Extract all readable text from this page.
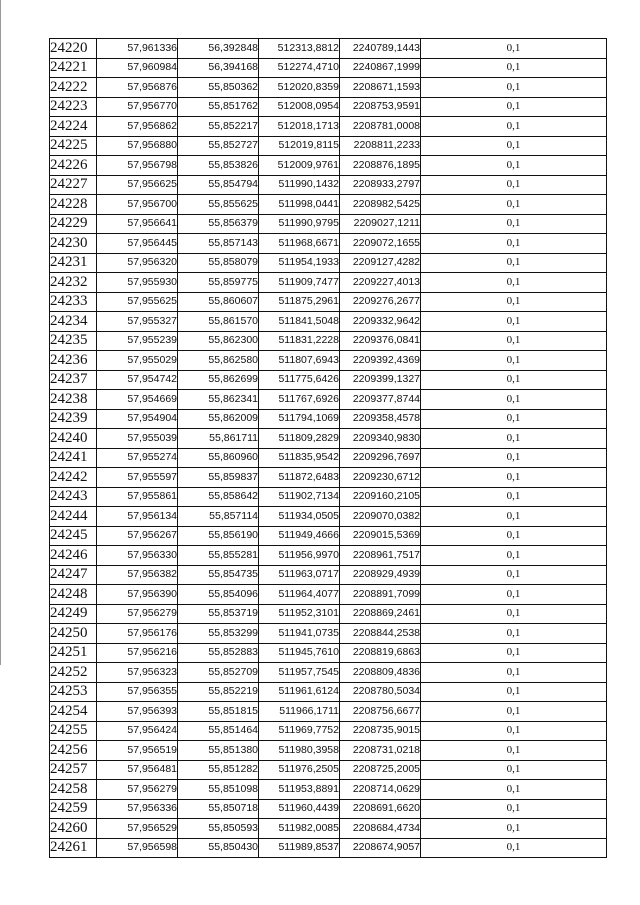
24220	57,961336	56,392848	512313,8812	2240789,1443	0,1
24221	57,960984	56,394168	512274,4710	2240867,1999	0,1
24222	57,956876	55,850362	512020,8359	2208671,1593	0,1
24223	57,956770	55,851762	512008,0954	2208753,9591	0,1
24224	57,956862	55,852217	512018,1713	2208781,0008	0,1
24225	57,956880	55,852727	512019,8115	2208811,2233	0,1
24226	57,956798	55,853826	512009,9761	2208876,1895	0,1
24227	57,956625	55,854794	511990,1432	2208933,2797	0,1
24228	57,956700	55,855625	511998,0441	2208982,5425	0,1
24229	57,956641	55,856379	511990,9795	2209027,1211	0,1
24230	57,956445	55,857143	511968,6671	2209072,1655	0,1
24231	57,956320	55,858079	511954,1933	2209127,4282	0,1
24232	57,955930	55,859775	511909,7477	2209227,4013	0,1
24233	57,955625	55,860607	511875,2961	2209276,2677	0,1
24234	57,955327	55,861570	511841,5048	2209332,9642	0,1
24235	57,955239	55,862300	511831,2228	2209376,0841	0,1
24236	57,955029	55,862580	511807,6943	2209392,4369	0,1
24237	57,954742	55,862699	511775,6426	2209399,1327	0,1
24238	57,954669	55,862341	511767,6926	2209377,8744	0,1
24239	57,954904	55,862009	511794,1069	2209358,4578	0,1
24240	57,955039	55,861711	511809,2829	2209340,9830	0,1
24241	57,955274	55,860960	511835,9542	2209296,7697	0,1
24242	57,955597	55,859837	511872,6483	2209230,6712	0,1
24243	57,955861	55,858642	511902,7134	2209160,2105	0,1
24244	57,956134	55,857114	511934,0505	2209070,0382	0,1
24245	57,956267	55,856190	511949,4666	2209015,5369	0,1
24246	57,956330	55,855281	511956,9970	2208961,7517	0,1
24247	57,956382	55,854735	511963,0717	2208929,4939	0,1
24248	57,956390	55,854096	511964,4077	2208891,7099	0,1
24249	57,956279	55,853719	511952,3101	2208869,2461	0,1
24250	57,956176	55,853299	511941,0735	2208844,2538	0,1
24251	57,956216	55,852883	511945,7610	2208819,6863	0,1
24252	57,956323	55,852709	511957,7545	2208809,4836	0,1
24253	57,956355	55,852219	511961,6124	2208780,5034	0,1
24254	57,956393	55,851815	511966,1711	2208756,6677	0,1
24255	57,956424	55,851464	511969,7752	2208735,9015	0,1
24256	57,956519	55,851380	511980,3958	2208731,0218	0,1
24257	57,956481	55,851282	511976,2505	2208725,2005	0,1
24258	57,956279	55,851098	511953,8891	2208714,0629	0,1
24259	57,956336	55,850718	511960,4439	2208691,6620	0,1
24260	57,956529	55,850593	511982,0085	2208684,4734	0,1
24261	57,956598	55,850430	511989,8537	2208674,9057	0,1
